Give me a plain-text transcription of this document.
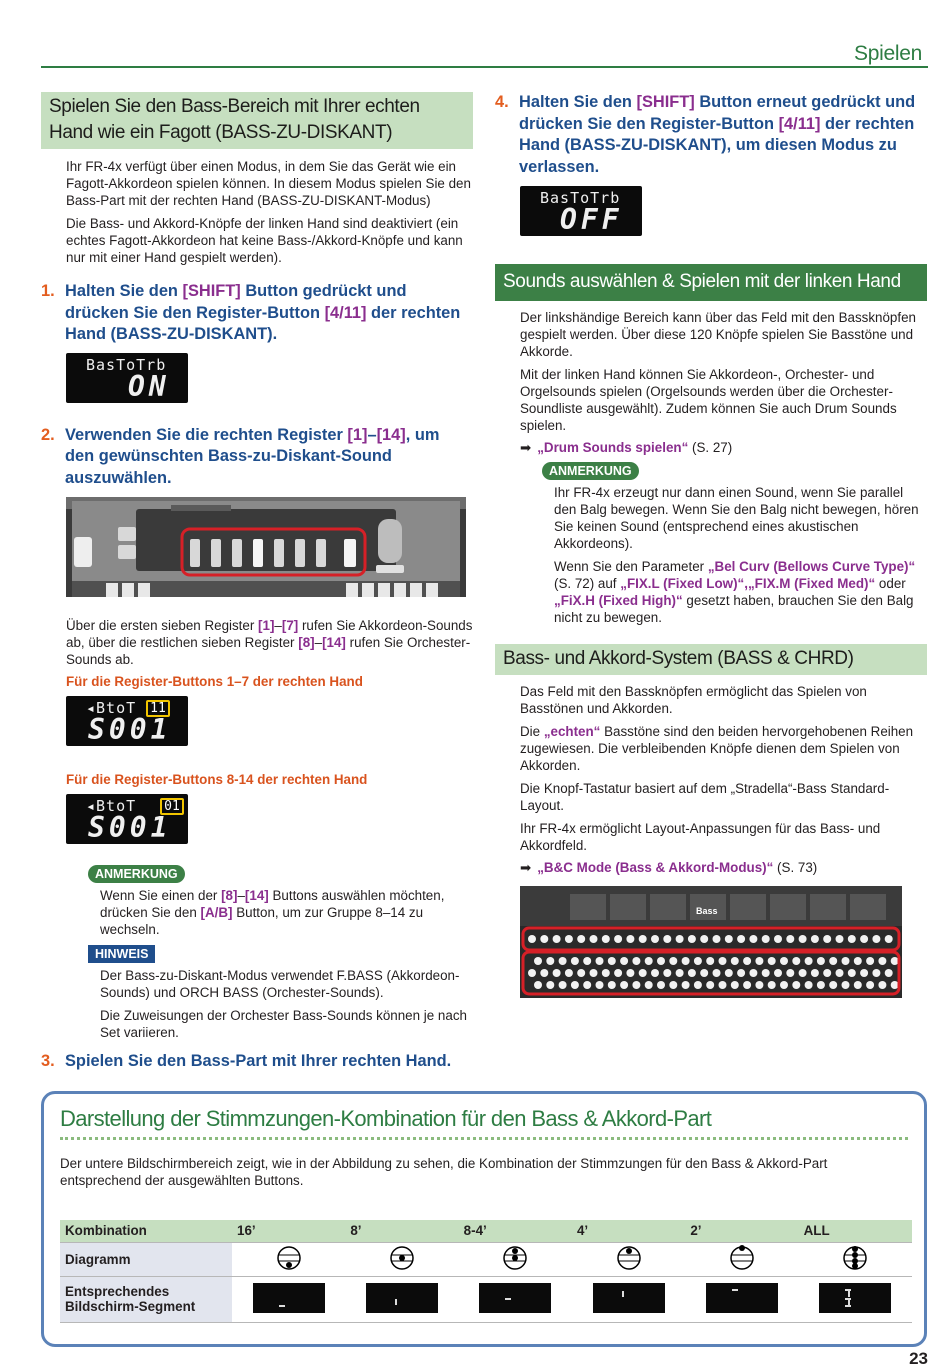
Spielen
Spielen Sie den Bass-Bereich mit Ihrer echten Hand wie ein Fagott (BASS-ZU-DISKANT)
Ihr FR-4x verfügt über einen Modus, in dem Sie das Gerät wie ein Fagott-Akkordeon spielen können. In diesem Modus spielen Sie den Bass-Part mit der rechten Hand (BASS-ZU-DISKANT-Modus)
Die Bass- und Akkord-Knöpfe der linken Hand sind deaktiviert (ein echtes Fagott-Akkordeon hat keine Bass-/Akkord-Knöpfe und kann nur mit einer Hand gespielt werden).
1. Halten Sie den [SHIFT] Button gedrückt und drücken Sie den Register-Button [4/11] der rechten Hand (BASS-ZU-DISKANT).
BasToTrb
ON
2. Verwenden Sie die rechten Register [1]–[14], um den gewünschten Bass-zu-Diskant-Sound auszuwählen.
Über die ersten sieben Register [1]–[7] rufen Sie Akkordeon-Sounds ab, über die restlichen sieben Register [8]–[14] rufen Sie Orchester-Sounds ab.
Für die Register-Buttons 1–7 der rechten Hand
◂BtoT	11
S001
Für die Register-Buttons 8-14 der rechten Hand
◂BtoT	01
S001
ANMERKUNG
Wenn Sie einen der [8]–[14] Buttons auswählen möchten, drücken Sie den [A/B] Button, um zur Gruppe 8–14 zu wechseln.
HINWEIS
Der Bass-zu-Diskant-Modus verwendet F.BASS (Akkordeon-Sounds) und ORCH BASS (Orchester-Sounds).
Die Zuweisungen der Orchester Bass-Sounds können je nach Set variieren.
3. Spielen Sie den Bass-Part mit Ihrer rechten Hand.
4. Halten Sie den [SHIFT] Button erneut gedrückt und drücken Sie den Register-Button [4/11] der rechten Hand (BASS-ZU-DISKANT), um diesen Modus zu verlassen.
BasToTrb
OFF
Sounds auswählen & Spielen mit der linken Hand
Der linkshändige Bereich kann über das Feld mit den Bassknöpfen gespielt werden. Über diese 120 Knöpfe spielen Sie Basstöne und Akkorde.
Mit der linken Hand können Sie Akkordeon-, Orchester- und Orgelsounds spielen (Orgelsounds werden über die Orchester-Soundliste ausgewählt). Zudem können Sie auch Drum Sounds spielen.
➡ „Drum Sounds spielen“ (S. 27)
ANMERKUNG
Ihr FR-4x erzeugt nur dann einen Sound, wenn Sie parallel den Balg bewegen. Wenn Sie den Balg nicht bewegen, hören Sie keinen Sound (entsprechend eines akustischen Akkordeons).
Wenn Sie den Parameter „Bel Curv (Bellows Curve Type)“ (S. 72) auf „FIX.L (Fixed Low)“,„FIX.M (Fixed Med)“ oder „FiX.H (Fixed High)“ gesetzt haben, brauchen Sie den Balg nicht zu bewegen.
Bass- und Akkord-System (BASS & CHRD)
Das Feld mit den Bassknöpfen ermöglicht das Spielen von Basstönen und Akkorden.
Die „echten“ Basstöne sind den beiden hervorgehobenen Reihen zugewiesen. Die verbleibenden Knöpfe dienen dem Spielen von Akkorden.
Die Knopf-Tastatur basiert auf dem „Stradella“-Bass Standard-Layout.
Ihr FR-4x ermöglicht Layout-Anpassungen für das Bass- und Akkordfeld.
➡ „B&C Mode (Bass & Akkord-Modus)“ (S. 73)
Bass
Darstellung der Stimmzungen-Kombination für den Bass & Akkord-Part
Der untere Bildschirmbereich zeigt, wie in der Abbildung zu sehen, die Kombination der Stimmzungen für den Bass & Akkord-Part entsprechend der ausgewählten Buttons.
Kombination	16’	8’	8-4’	4’	2’	ALL
Diagramm						

Entsprechendes
Bildschirm-Segment

23
